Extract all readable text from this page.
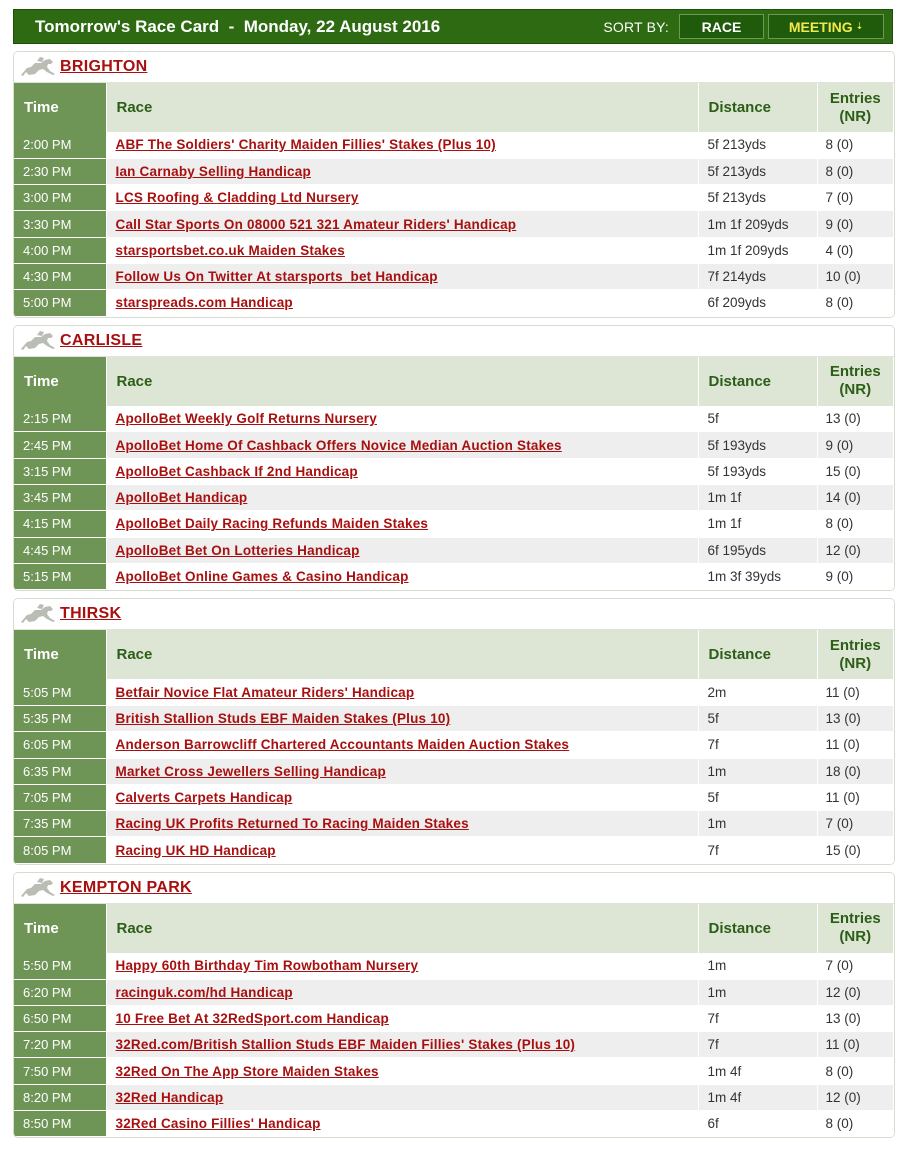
Tomorrow's Race Card  -  Monday, 22 August 2016	SORT BY: RACE	MEETING ⇣
BRIGHTON
Time	Race	Distance	Entries
(NR)
2:00 PM	ABF The Soldiers' Charity Maiden Fillies' Stakes (Plus 10)	5f 213yds	8 (0)
2:30 PM	Ian Carnaby Selling Handicap	5f 213yds	8 (0)
3:00 PM	LCS Roofing & Cladding Ltd Nursery	5f 213yds	7 (0)
3:30 PM	Call Star Sports On 08000 521 321 Amateur Riders' Handicap	1m 1f 209yds	9 (0)
4:00 PM	starsportsbet.co.uk Maiden Stakes	1m 1f 209yds	4 (0)
4:30 PM	Follow Us On Twitter At starsports_bet Handicap	7f 214yds	10 (0)
5:00 PM	starspreads.com Handicap	6f 209yds	8 (0)
CARLISLE
Time	Race	Distance	Entries
(NR)
2:15 PM	ApolloBet Weekly Golf Returns Nursery	5f	13 (0)
2:45 PM	ApolloBet Home Of Cashback Offers Novice Median Auction Stakes	5f 193yds	9 (0)
3:15 PM	ApolloBet Cashback If 2nd Handicap	5f 193yds	15 (0)
3:45 PM	ApolloBet Handicap	1m 1f	14 (0)
4:15 PM	ApolloBet Daily Racing Refunds Maiden Stakes	1m 1f	8 (0)
4:45 PM	ApolloBet Bet On Lotteries Handicap	6f 195yds	12 (0)
5:15 PM	ApolloBet Online Games & Casino Handicap	1m 3f 39yds	9 (0)
THIRSK
Time	Race	Distance	Entries
(NR)
5:05 PM	Betfair Novice Flat Amateur Riders' Handicap	2m	11 (0)
5:35 PM	British Stallion Studs EBF Maiden Stakes (Plus 10)	5f	13 (0)
6:05 PM	Anderson Barrowcliff Chartered Accountants Maiden Auction Stakes	7f	11 (0)
6:35 PM	Market Cross Jewellers Selling Handicap	1m	18 (0)
7:05 PM	Calverts Carpets Handicap	5f	11 (0)
7:35 PM	Racing UK Profits Returned To Racing Maiden Stakes	1m	7 (0)
8:05 PM	Racing UK HD Handicap	7f	15 (0)
KEMPTON PARK
Time	Race	Distance	Entries
(NR)
5:50 PM	Happy 60th Birthday Tim Rowbotham Nursery	1m	7 (0)
6:20 PM	racinguk.com/hd Handicap	1m	12 (0)
6:50 PM	10 Free Bet At 32RedSport.com Handicap	7f	13 (0)
7:20 PM	32Red.com/British Stallion Studs EBF Maiden Fillies' Stakes (Plus 10)	7f	11 (0)
7:50 PM	32Red On The App Store Maiden Stakes	1m 4f	8 (0)
8:20 PM	32Red Handicap	1m 4f	12 (0)
8:50 PM	32Red Casino Fillies' Handicap	6f	8 (0)
